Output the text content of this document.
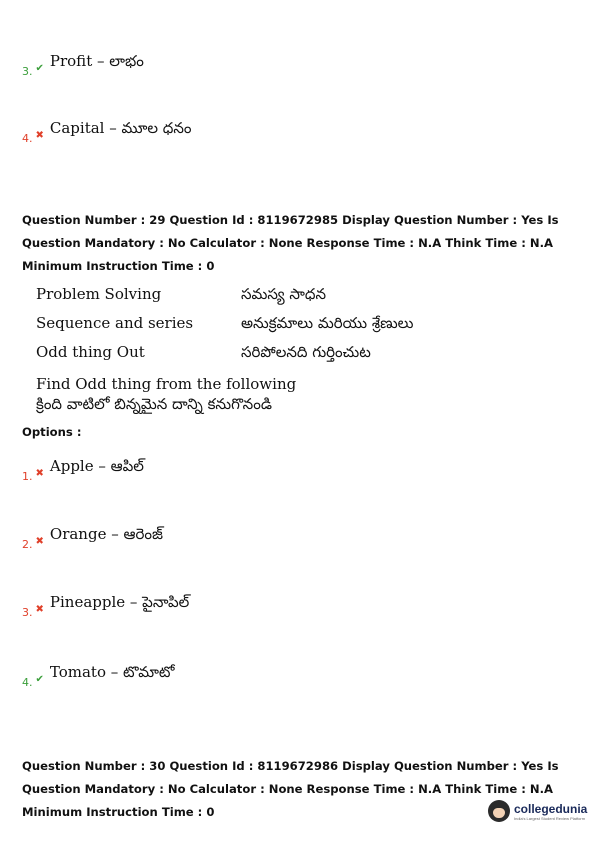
3. ✔ Profit – లాభం
4. ✖ Capital – మూల ధనం
Question Number : 29 Question Id : 8119672985 Display Question Number : Yes Is Question Mandatory : No Calculator : None Response Time : N.A Think Time : N.A Minimum Instruction Time : 0
Problem Solving	సమస్య సాధన
Sequence and series	అనుక్రమాలు మరియు శ్రేణులు
Odd thing Out	సరిపోలనది గుర్తించుట
Find Odd thing from the following
క్రింది వాటిలో బిన్నమైన దాన్ని కనుగొనండి
Options :
1. ✖ Apple – ఆపిల్
2. ✖ Orange – ఆరెంజ్
3. ✖ Pineapple – పైనాపిల్
4. ✔ Tomato – టొమాటో
Question Number : 30 Question Id : 8119672986 Display Question Number : Yes Is Question Mandatory : No Calculator : None Response Time : N.A Think Time : N.A Minimum Instruction Time : 0	collegedunia
India's Largest Student Review Platform
